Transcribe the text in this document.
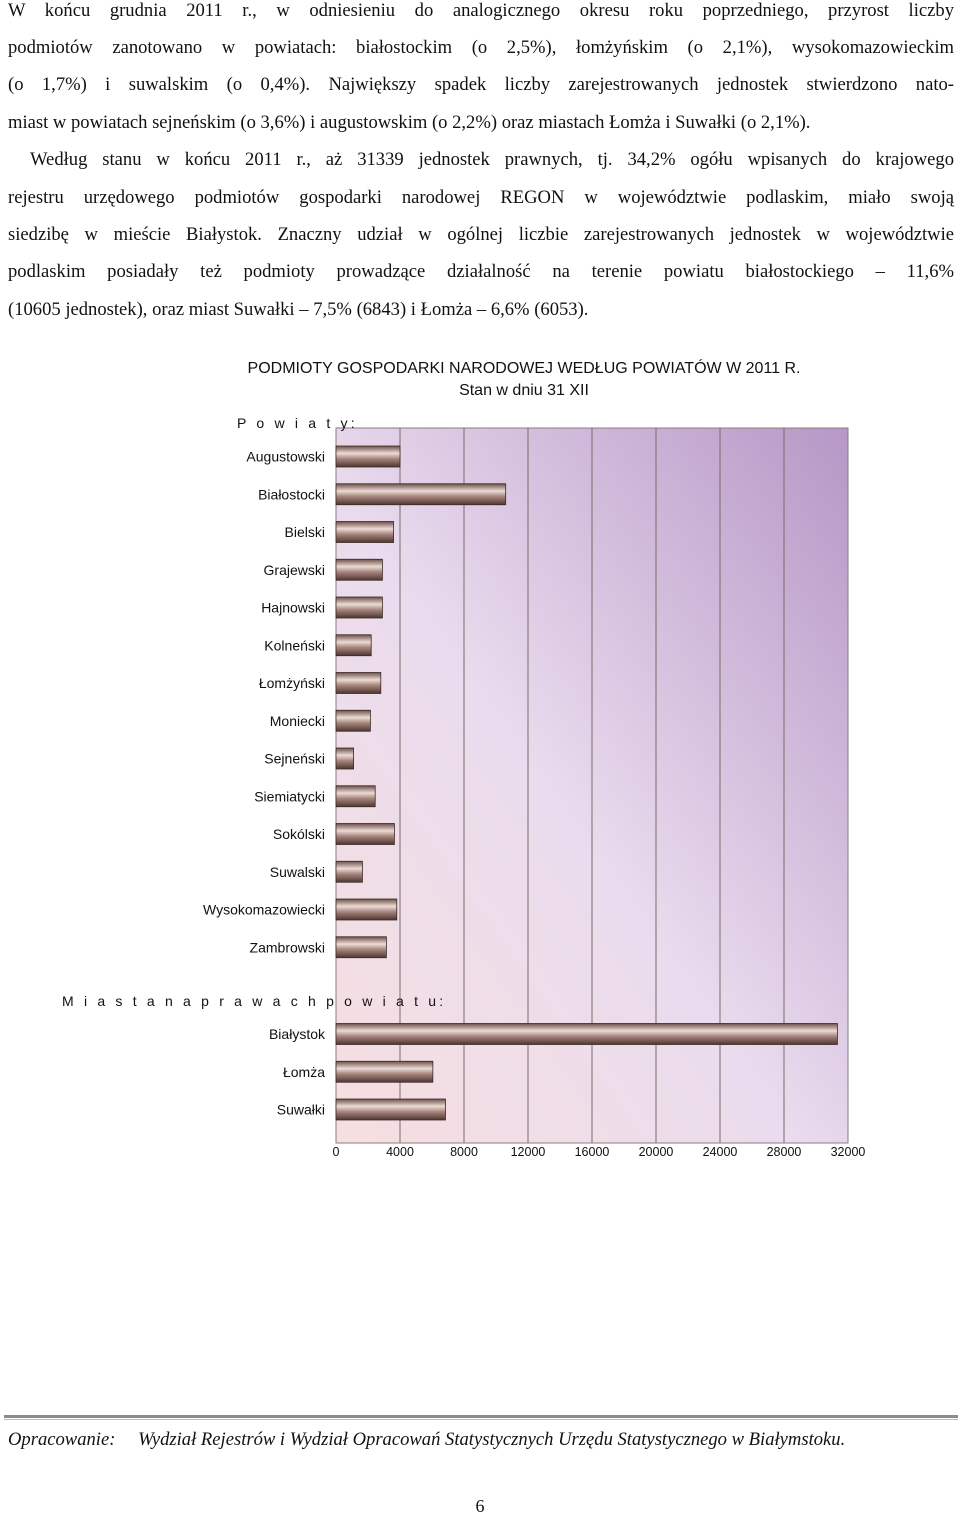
W końcu grudnia 2011 r., w odniesieniu do analogicznego okresu roku poprzedniego, przyrost liczby
podmiotów zanotowano w powiatach: białostockim (o 2,5%), łomżyńskim (o 2,1%), wysokomazowieckim
(o 1,7%) i suwalskim (o 0,4%). Największy spadek liczby zarejestrowanych jednostek stwierdzono nato-
miast w powiatach sejneńskim (o 3,6%) i augustowskim (o 2,2%) oraz miastach Łomża i Suwałki (o 2,1%).
Według stanu w końcu 2011 r., aż 31339 jednostek prawnych, tj. 34,2% ogółu wpisanych do krajowego
rejestru urzędowego podmiotów gospodarki narodowej REGON w województwie podlaskim, miało swoją
siedzibę w mieście Białystok. Znaczny udział w ogólnej liczbie zarejestrowanych jednostek w województwie
podlaskim posiadały też podmioty prowadzące działalność na terenie powiatu białostockiego – 11,6%
(10605 jednostek), oraz miast Suwałki – 7,5% (6843) i Łomża – 6,6% (6053).
PODMIOTY GOSPODARKI NARODOWEJ WEDŁUG POWIATÓW W 2011 R.
Stan w dniu 31 XII
P o w i a t y:
Augustowski
Białostocki
Bielski
Grajewski
Hajnowski
Kolneński
Łomżyński
Moniecki
Sejneński
Siemiatycki
Sokólski
Suwalski
Wysokomazowiecki
Zambrowski
M i a s t a n a p r a w a c h p o w i a t u:
Białystok
Łomża
Suwałki
0	4000	8000	12000 16000 20000 24000 28000 32000
Opracowanie: Wydział Rejestrów i Wydział Opracowań Statystycznych Urzędu Statystycznego w Białymstoku.
6
